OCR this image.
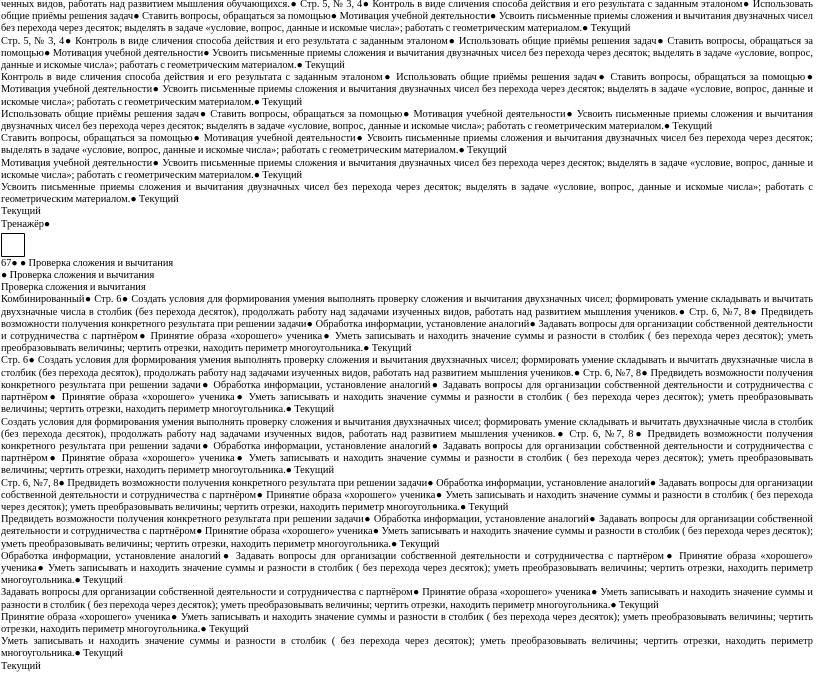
ченных видов, работать над развитием мышления обучающихся.● Стр. 5, № 3, 4● Контроль в виде сличения способа действия и его результата с заданным эталоном● Использовать общие приёмы решения задач● Ставить вопросы, обращаться за помощью● Мотивация учебной деятельности● Усвоить письменные приемы сложения и вычитания двузначных чисел без перехода через десяток; выделять в задаче «условие, вопрос, данные и искомые числа»; работать с геометрическим материалом.● Текущий

Стр. 5, № 3, 4● Контроль в виде сличения способа действия и его результата с заданным эталоном● Использовать общие приёмы решения задач● Ставить вопросы, обращаться за помощью● Мотивация учебной деятельности● Усвоить письменные приемы сложения и вычитания двузначных чисел без перехода через десяток; выделять в задаче «условие, вопрос, данные и искомые числа»; работать с геометрическим материалом.● Текущий

Контроль в виде сличения способа действия и его результата с заданным эталоном● Использовать общие приёмы решения задач● Ставить вопросы, обращаться за помощью● Мотивация учебной деятельности● Усвоить письменные приемы сложения и вычитания двузначных чисел без перехода через десяток; выделять в задаче «условие, вопрос, данные и искомые числа»; работать с геометрическим материалом.● Текущий

Использовать общие приёмы решения задач● Ставить вопросы, обращаться за помощью● Мотивация учебной деятельности● Усвоить письменные приемы сложения и вычитания двузначных чисел без перехода через десяток; выделять в задаче «условие, вопрос, данные и искомые числа»; работать с геометрическим материалом.● Текущий

Ставить вопросы, обращаться за помощью● Мотивация учебной деятельности● Усвоить письменные приемы сложения и вычитания двузначных чисел без перехода через десяток; выделять в задаче «условие, вопрос, данные и искомые числа»; работать с геометрическим материалом.● Текущий

Мотивация учебной деятельности● Усвоить письменные приемы сложения и вычитания двузначных чисел без перехода через десяток; выделять в задаче «условие, вопрос, данные и искомые числа»; работать с геометрическим материалом.● Текущий

Усвоить письменные приемы сложения и вычитания двузначных чисел без перехода через десяток; выделять в задаче «условие, вопрос, данные и искомые числа»; работать с геометрическим материалом.● Текущий

Текущий

Тренажёр●

67● ● Проверка сложения и вычитания

● Проверка сложения и вычитания

Проверка сложения и вычитания

Комбинированный● Стр. 6● Создать условия для формирования умения выполнять проверку сложения и вычитания двухзначных чисел; формировать умение складывать и вычитать двухзначные числа в столбик (без перехода десяток), продолжать работу над задачами изученных видов, работать над развитием мышления учеников.● Стр. 6, №7, 8● Предвидеть возможности получения конкретного результата при решении задачи● Обработка информации, установление аналогий● Задавать вопросы для организации собственной деятельности и сотрудничества с партнёром● Принятие образа «хорошего» ученика● Уметь записывать и находить значение суммы и разности в столбик ( без перехода через десяток); уметь преобразовывать величины; чертить отрезки, находить периметр многоугольника.● Текущий

Стр. 6● Создать условия для формирования умения выполнять проверку сложения и вычитания двухзначных чисел; формировать умение складывать и вычитать двухзначные числа в столбик (без перехода десяток), продолжать работу над задачами изученных видов, работать над развитием мышления учеников.● Стр. 6, №7, 8● Предвидеть возможности получения конкретного результата при решении задачи● Обработка информации, установление аналогий● Задавать вопросы для организации собственной деятельности и сотрудничества с партнёром● Принятие образа «хорошего» ученика● Уметь записывать и находить значение суммы и разности в столбик ( без перехода через десяток); уметь преобразовывать величины; чертить отрезки, находить периметр многоугольника.● Текущий

Создать условия для формирования умения выполнять проверку сложения и вычитания двухзначных чисел; формировать умение складывать и вычитать двухзначные числа в столбик (без перехода десяток), продолжать работу над задачами изученных видов, работать над развитием мышления учеников.● Стр. 6, №7, 8● Предвидеть возможности получения конкретного результата при решении задачи● Обработка информации, установление аналогий● Задавать вопросы для организации собственной деятельности и сотрудничества с партнёром● Принятие образа «хорошего» ученика● Уметь записывать и находить значение суммы и разности в столбик ( без перехода через десяток); уметь преобразовывать величины; чертить отрезки, находить периметр многоугольника.● Текущий

Стр. 6, №7, 8● Предвидеть возможности получения конкретного результата при решении задачи● Обработка информации, установление аналогий● Задавать вопросы для организации собственной деятельности и сотрудничества с партнёром● Принятие образа «хорошего» ученика● Уметь записывать и находить значение суммы и разности в столбик ( без перехода через десяток); уметь преобразовывать величины; чертить отрезки, находить периметр многоугольника.● Текущий

Предвидеть возможности получения конкретного результата при решении задачи● Обработка информации, установление аналогий● Задавать вопросы для организации собственной деятельности и сотрудничества с партнёром● Принятие образа «хорошего» ученика● Уметь записывать и находить значение суммы и разности в столбик ( без перехода через десяток); уметь преобразовывать величины; чертить отрезки, находить периметр многоугольника.● Текущий

Обработка информации, установление аналогий● Задавать вопросы для организации собственной деятельности и сотрудничества с партнёром● Принятие образа «хорошего» ученика● Уметь записывать и находить значение суммы и разности в столбик ( без перехода через десяток); уметь преобразовывать величины; чертить отрезки, находить периметр многоугольника.● Текущий

Задавать вопросы для организации собственной деятельности и сотрудничества с партнёром● Принятие образа «хорошего» ученика● Уметь записывать и находить значение суммы и разности в столбик ( без перехода через десяток); уметь преобразовывать величины; чертить отрезки, находить периметр многоугольника.● Текущий

Принятие образа «хорошего» ученика● Уметь записывать и находить значение суммы и разности в столбик ( без перехода через десяток); уметь преобразовывать величины; чертить отрезки, находить периметр многоугольника.● Текущий

Уметь записывать и находить значение суммы и разности в столбик ( без перехода через десяток); уметь преобразовывать величины; чертить отрезки, находить периметр многоугольника.● Текущий

Текущий
